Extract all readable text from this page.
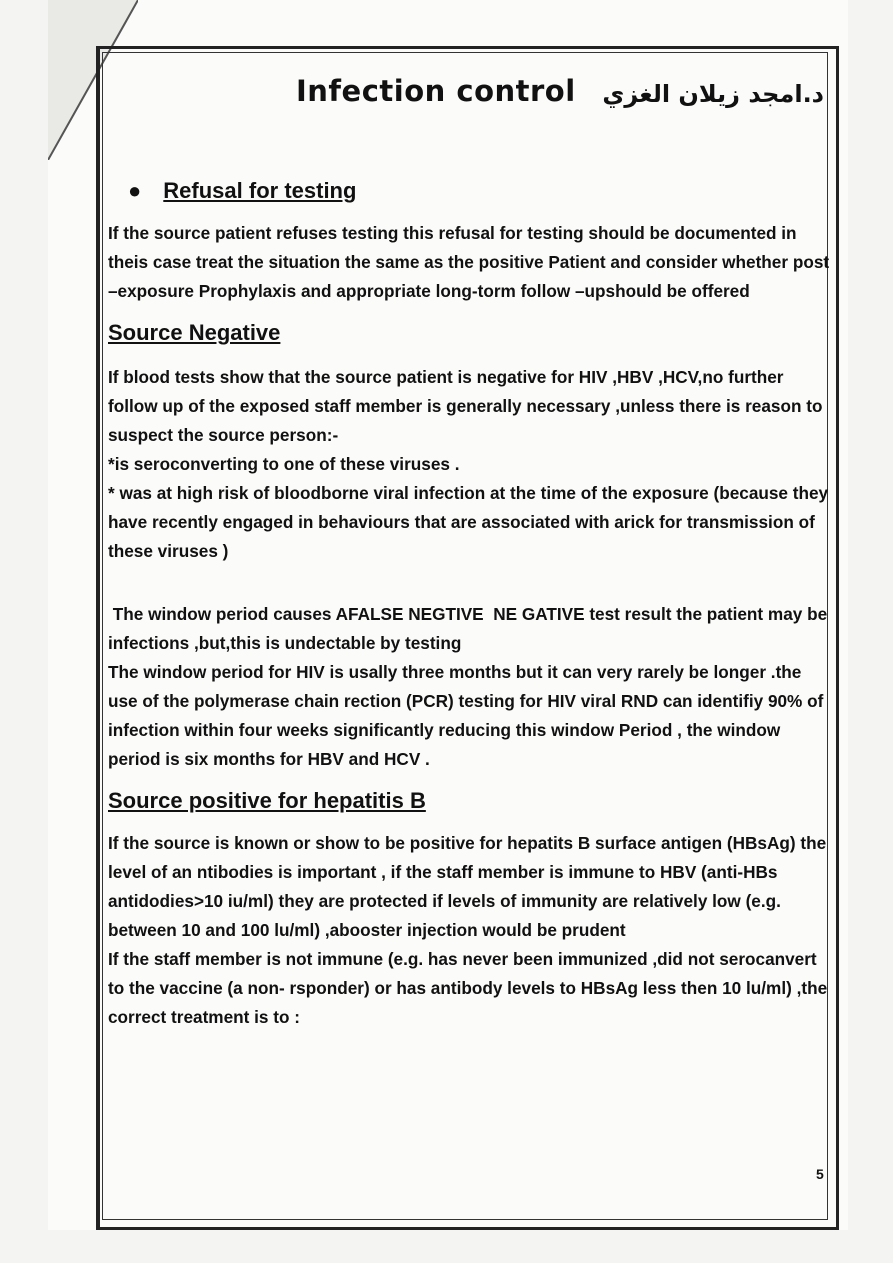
Infection control د.امجد زيلان الغزي
● Refusal for testing

If the source patient refuses testing this refusal for testing should be documented in theis case treat the situation the same as the positive Patient and consider whether post –exposure Prophylaxis and appropriate long-torm follow –upshould be offered

Source Negative

If blood tests show that the source patient is negative for HIV ,HBV ,HCV,no further follow up of the exposed staff member is generally necessary ,unless there is reason to suspect the source person:-

*is seroconverting to one of these viruses .

* was at high risk of bloodborne viral infection at the time of the exposure (because they have recently engaged in behaviours that are associated with arick for transmission of these viruses )

The window period causes AFALSE NEGTIVE  NE GATIVE test result the patient may be infections ,but,this is undectable by testing

The window period for HIV is usally three months but it can very rarely be longer .the use of the polymerase chain rection (PCR) testing for HIV viral RND can identifiy 90% of infection within four weeks significantly reducing this window Period , the window period is six months for HBV and HCV .

Source positive for hepatitis B

If the source is known or show to be positive for hepatits B surface antigen (HBsAg) the level of an ntibodies is important , if the staff member is immune to HBV (anti-HBs antidodies>10 iu/ml) they are protected if levels of immunity are relatively low (e.g. between 10 and 100 lu/ml) ,abooster injection would be prudent

If the staff member is not immune (e.g. has never been immunized ,did not serocanvert to the vaccine (a non- rsponder) or has antibody levels to HBsAg less then 10 lu/ml) ,the correct treatment is to :

5
